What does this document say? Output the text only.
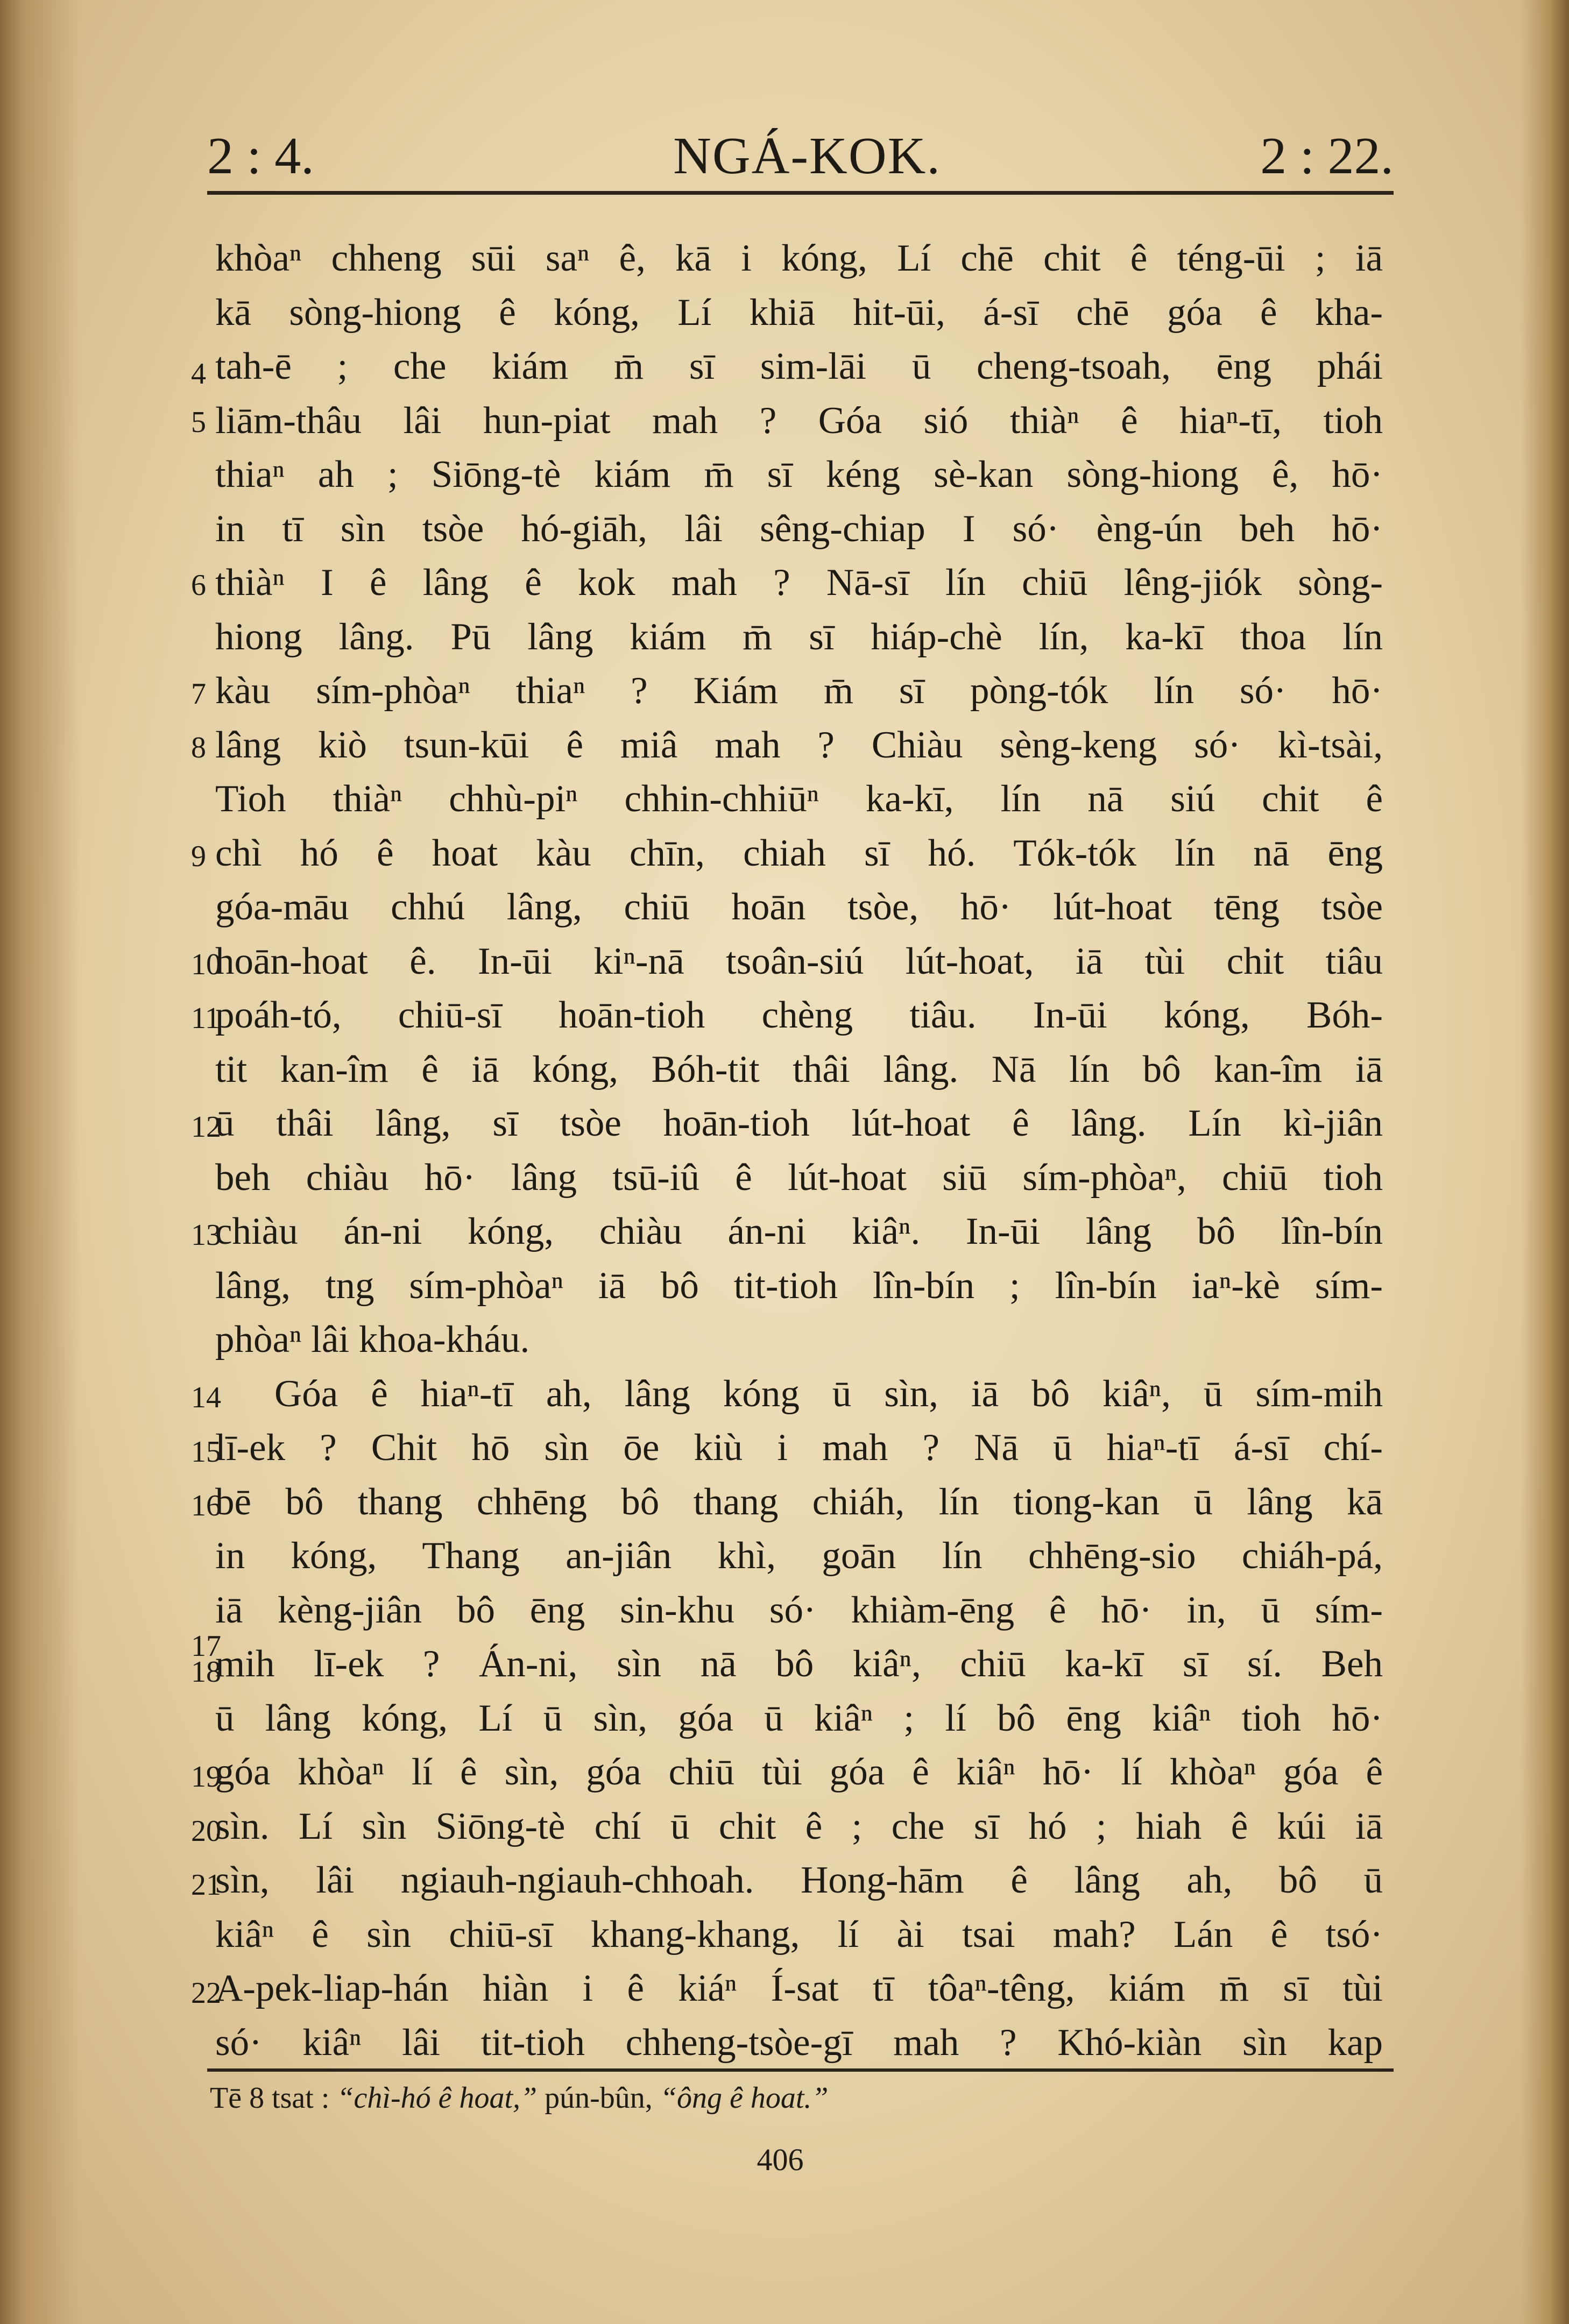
2 : 4.	NGÁ-KOK.	2 : 22.
khòaⁿ chheng sūi saⁿ ê, kā i kóng, Lí chē chit ê téng-ūi ; iā
kā sòng-hiong ê kóng, Lí khiā hit-ūi, á-sī chē góa ê kha-
tah-ē ; che kiám m̄ sī sim-lāi ū cheng-tsoah, ēng phái
liām-thâu lâi hun-piat mah ? Góa sió thiàⁿ ê hiaⁿ-tī, tioh
thiaⁿ ah ; Siōng-tè kiám m̄ sī kéng sè-kan sòng-hiong ê, hō·
in tī sìn tsòe hó-giāh, lâi sêng-chiap I só· èng-ún beh hō·
thiàⁿ I ê lâng ê kok mah ? Nā-sī lín chiū lêng-jiók sòng-
hiong lâng. Pū lâng kiám m̄ sī hiáp-chè lín, ka-kī thoa lín
kàu sím-phòaⁿ thiaⁿ ? Kiám m̄ sī pòng-tók lín só· hō·
lâng kiò tsun-kūi ê miâ mah ? Chiàu sèng-keng só· kì-tsài,
Tioh thiàⁿ chhù-piⁿ chhin-chhiūⁿ ka-kī, lín nā siú chit ê
chì hó ê hoat kàu chīn, chiah sī hó. Tók-tók lín nā ēng
góa-māu chhú lâng, chiū hoān tsòe, hō· lút-hoat tēng tsòe
hoān-hoat ê. In-ūi kiⁿ-nā tsoân-siú lút-hoat, iā tùi chit tiâu
poáh-tó, chiū-sī hoān-tioh chèng tiâu. In-ūi kóng, Bóh-
tit kan-îm ê iā kóng, Bóh-tit thâi lâng. Nā lín bô kan-îm iā
ū thâi lâng, sī tsòe hoān-tioh lút-hoat ê lâng. Lín kì-jiân
beh chiàu hō· lâng tsū-iû ê lút-hoat siū sím-phòaⁿ, chiū tioh
chiàu án-ni kóng, chiàu án-ni kiâⁿ. In-ūi lâng bô lîn-bín
lâng, tng sím-phòaⁿ iā bô tit-tioh lîn-bín ; lîn-bín iaⁿ-kè sím-
phòaⁿ lâi khoa-kháu.
Góa ê hiaⁿ-tī ah, lâng kóng ū sìn, iā bô kiâⁿ, ū sím-mih
lī-ek ? Chit hō sìn ōe kiù i mah ? Nā ū hiaⁿ-tī á-sī chí-
bē bô thang chhēng bô thang chiáh, lín tiong-kan ū lâng kā
in kóng, Thang an-jiân khì, goān lín chhēng-sio chiáh-pá,
iā kèng-jiân bô ēng sin-khu só· khiàm-ēng ê hō· in, ū sím-
mih lī-ek ? Án-ni, sìn nā bô kiâⁿ, chiū ka-kī sī sí. Beh
ū lâng kóng, Lí ū sìn, góa ū kiâⁿ ; lí bô ēng kiâⁿ tioh hō·
góa khòaⁿ lí ê sìn, góa chiū tùi góa ê kiâⁿ hō· lí khòaⁿ góa ê
sìn. Lí sìn Siōng-tè chí ū chit ê ; che sī hó ; hiah ê kúi iā
sìn, lâi ngiauh-ngiauh-chhoah. Hong-hām ê lâng ah, bô ū
kiâⁿ ê sìn chiū-sī khang-khang, lí ài tsai mah? Lán ê tsó·
A-pek-liap-hán hiàn i ê kiáⁿ Í-sat tī tôaⁿ-têng, kiám m̄ sī tùi
só· kiâⁿ lâi tit-tioh chheng-tsòe-gī mah ? Khó-kiàn sìn kap
4
5
6
7
8
9
10
11
12
13
14
15
16
17
18
19
20
21
22
Tē 8 tsat : “chì-hó ê hoat,” pún-bûn, “ông ê hoat.”
406
